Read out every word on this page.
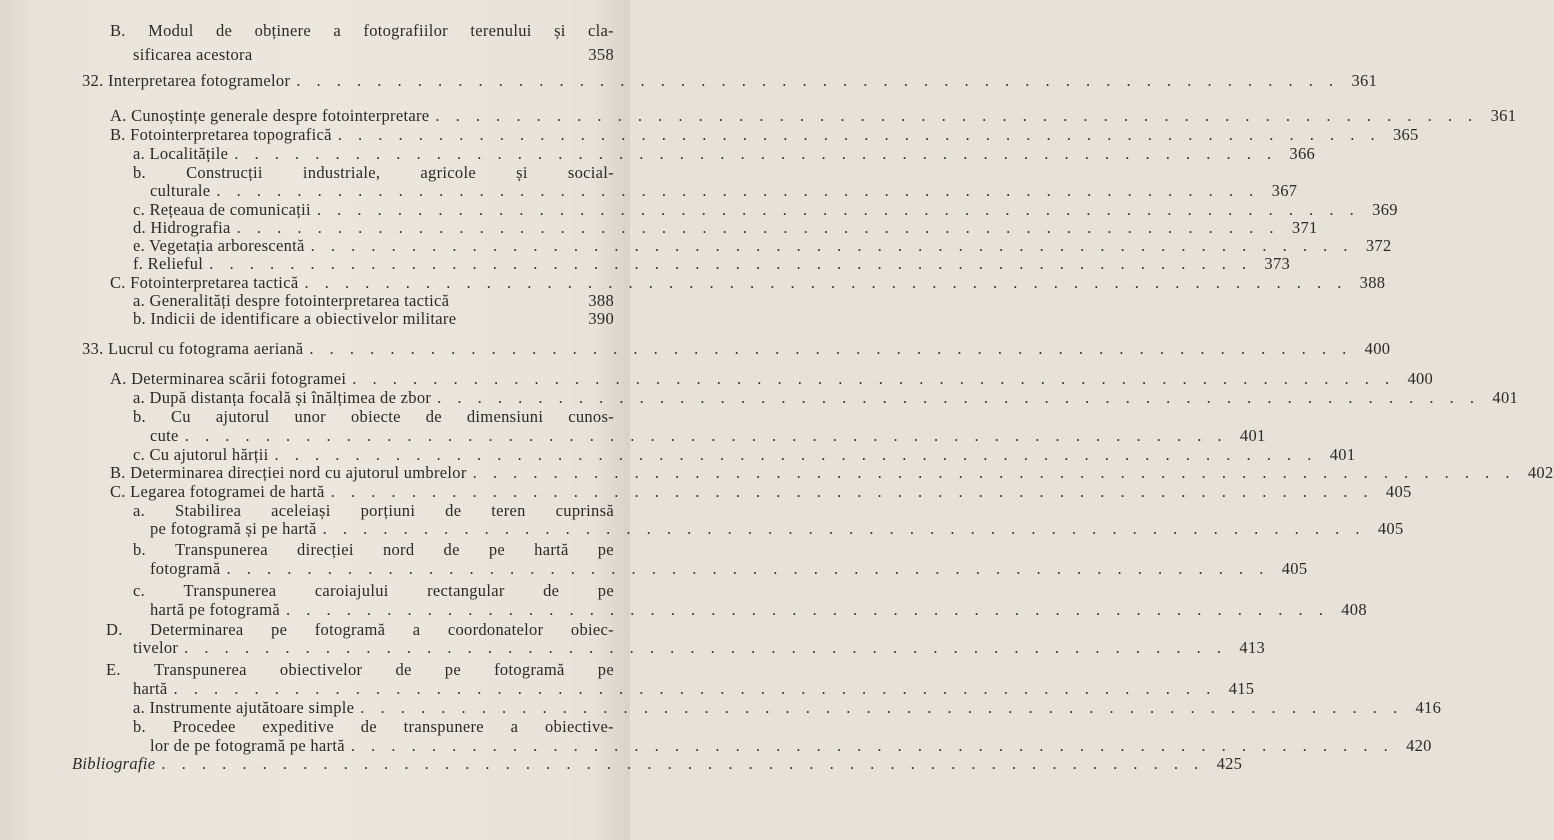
B. Modul de obținere a fotografiilor terenului și cla-
sificarea acestora	358
32. Interpretarea fotogramelor . . . . . . . . . . . . . . . . . . . . . . . . . . . . . . . . . . . . . . . . . . . . . . . . . . . . 361
A. Cunoștințe generale despre fotointerpretare . . . . . . . . . . . . . . . . . . . . . . . . . . . . . . . . . . . . . . . . . . . . . . . . . . . . 361
B. Fotointerpretarea topografică . . . . . . . . . . . . . . . . . . . . . . . . . . . . . . . . . . . . . . . . . . . . . . . . . . . . 365
a. Localitățile . . . . . . . . . . . . . . . . . . . . . . . . . . . . . . . . . . . . . . . . . . . . . . . . . . . . 366
b. Construcții industriale, agricole și social-
culturale . . . . . . . . . . . . . . . . . . . . . . . . . . . . . . . . . . . . . . . . . . . . . . . . . . . . 367
c. Rețeaua de comunicații . . . . . . . . . . . . . . . . . . . . . . . . . . . . . . . . . . . . . . . . . . . . . . . . . . . . 369
d. Hidrografia . . . . . . . . . . . . . . . . . . . . . . . . . . . . . . . . . . . . . . . . . . . . . . . . . . . . 371
e. Vegetația arborescentă . . . . . . . . . . . . . . . . . . . . . . . . . . . . . . . . . . . . . . . . . . . . . . . . . . . . 372
f. Relieful . . . . . . . . . . . . . . . . . . . . . . . . . . . . . . . . . . . . . . . . . . . . . . . . . . . . 373
C. Fotointerpretarea tactică . . . . . . . . . . . . . . . . . . . . . . . . . . . . . . . . . . . . . . . . . . . . . . . . . . . . 388
a. Generalități despre fotointerpretarea tactică	388
b. Indicii de identificare a obiectivelor militare	390
33. Lucrul cu fotograma aeriană . . . . . . . . . . . . . . . . . . . . . . . . . . . . . . . . . . . . . . . . . . . . . . . . . . . . 400
A. Determinarea scării fotogramei . . . . . . . . . . . . . . . . . . . . . . . . . . . . . . . . . . . . . . . . . . . . . . . . . . . . 400
a. După distanța focală și înălțimea de zbor . . . . . . . . . . . . . . . . . . . . . . . . . . . . . . . . . . . . . . . . . . . . . . . . . . . . 401
b. Cu ajutorul unor obiecte de dimensiuni cunos-
cute . . . . . . . . . . . . . . . . . . . . . . . . . . . . . . . . . . . . . . . . . . . . . . . . . . . . 401
c. Cu ajutorul hărții . . . . . . . . . . . . . . . . . . . . . . . . . . . . . . . . . . . . . . . . . . . . . . . . . . . . 401
B. Determinarea direcției nord cu ajutorul umbrelor . . . . . . . . . . . . . . . . . . . . . . . . . . . . . . . . . . . . . . . . . . . . . . . . . . . . 402
C. Legarea fotogramei de hartă . . . . . . . . . . . . . . . . . . . . . . . . . . . . . . . . . . . . . . . . . . . . . . . . . . . . 405
a. Stabilirea aceleiași porțiuni de teren cuprinsă
pe fotogramă și pe hartă . . . . . . . . . . . . . . . . . . . . . . . . . . . . . . . . . . . . . . . . . . . . . . . . . . . . 405
b. Transpunerea direcției nord de pe hartă pe
fotogramă . . . . . . . . . . . . . . . . . . . . . . . . . . . . . . . . . . . . . . . . . . . . . . . . . . . . 405
c. Transpunerea caroiajului rectangular de pe
hartă pe fotogramă . . . . . . . . . . . . . . . . . . . . . . . . . . . . . . . . . . . . . . . . . . . . . . . . . . . . 408
D. Determinarea pe fotogramă a coordonatelor obiec-
tivelor . . . . . . . . . . . . . . . . . . . . . . . . . . . . . . . . . . . . . . . . . . . . . . . . . . . . 413
E. Transpunerea obiectivelor de pe fotogramă pe
hartă . . . . . . . . . . . . . . . . . . . . . . . . . . . . . . . . . . . . . . . . . . . . . . . . . . . . 415
a. Instrumente ajutătoare simple . . . . . . . . . . . . . . . . . . . . . . . . . . . . . . . . . . . . . . . . . . . . . . . . . . . . 416
b. Procedee expeditive de transpunere a obiective-
lor de pe fotogramă pe hartă . . . . . . . . . . . . . . . . . . . . . . . . . . . . . . . . . . . . . . . . . . . . . . . . . . . . 420
Bibliografie . . . . . . . . . . . . . . . . . . . . . . . . . . . . . . . . . . . . . . . . . . . . . . . . . . . . 425
